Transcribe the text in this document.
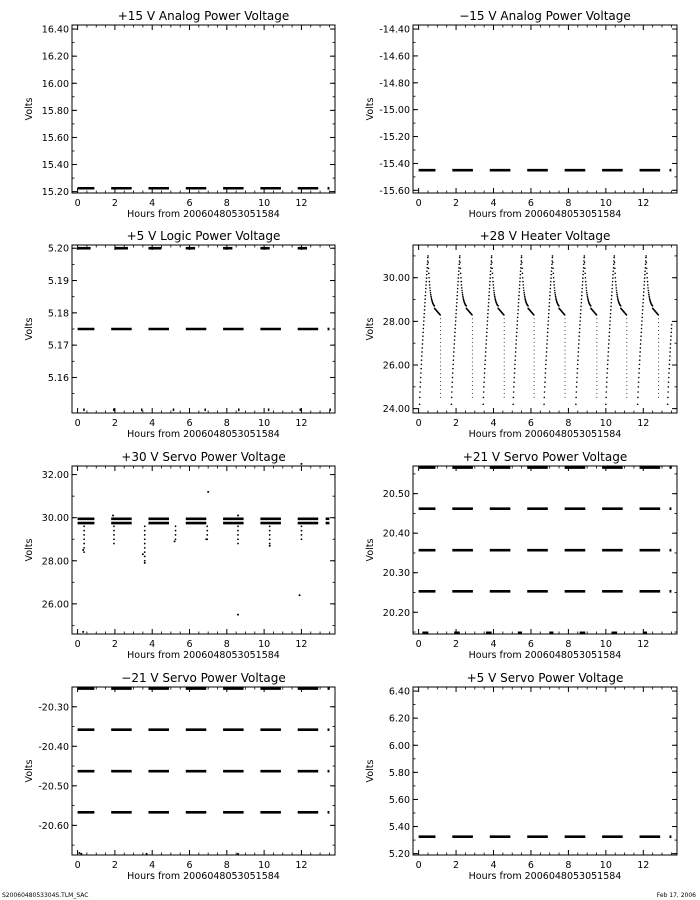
+15 V Analog Power Voltage
0	2	4	6	8	10	12
15.20
15.40
15.60
15.80
16.00
16.20
16.40
Hours from 2006048053051584
Volts
−15 V Analog Power Voltage
0	2	4	6	8	10	12
-15.60
-15.40
-15.20
-15.00
-14.80
-14.60
-14.40
Hours from 2006048053051584
Volts
+5 V Logic Power Voltage
0	2	4	6	8	10	12
5.16
5.17
5.18
5.19
5.20
Hours from 2006048053051584
Volts
+28 V Heater Voltage
0	2	4	6	8	10	12
24.00
26.00
28.00
30.00
Hours from 2006048053051584
Volts
+30 V Servo Power Voltage
0	2	4	6	8	10	12
26.00
28.00
30.00
32.00
Hours from 2006048053051584
Volts
+21 V Servo Power Voltage
0	2	4	6	8	10	12
20.20
20.30
20.40
20.50
Hours from 2006048053051584
Volts
−21 V Servo Power Voltage
0	2	4	6	8	10	12
-20.60
-20.50
-20.40
-20.30
Hours from 2006048053051584
Volts
+5 V Servo Power Voltage
0	2	4	6	8	10	12
5.20
5.40
5.60
5.80
6.00
6.20
6.40
Hours from 2006048053051584
Volts
S2006048053304S.TLM_SAC	Feb 17, 2006
